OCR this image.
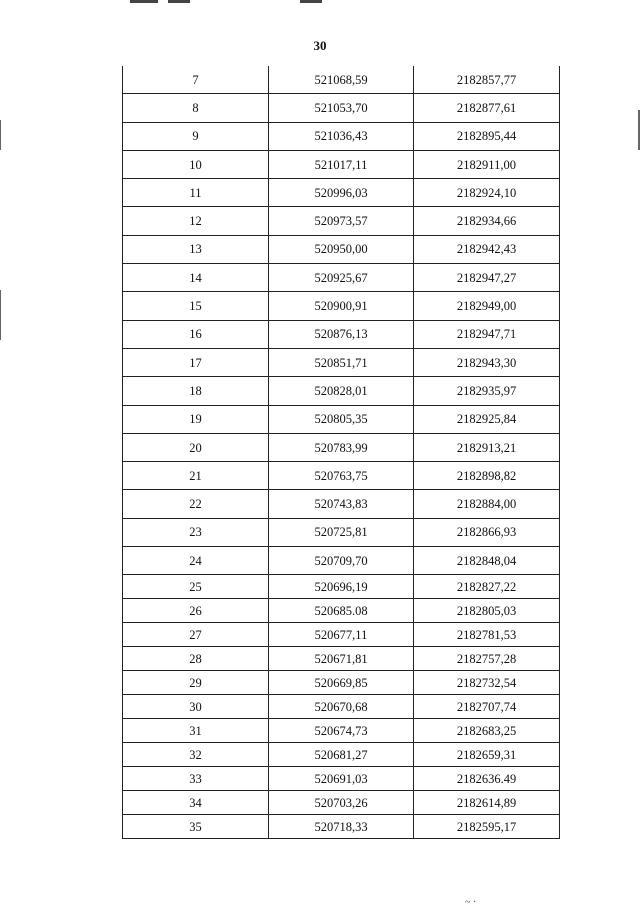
30
7	521068,59	2182857,77
8	521053,70	2182877,61
9	521036,43	2182895,44
10	521017,11	2182911,00
11	520996,03	2182924,10
12	520973,57	2182934,66
13	520950,00	2182942,43
14	520925,67	2182947,27
15	520900,91	2182949,00
16	520876,13	2182947,71
17	520851,71	2182943,30
18	520828,01	2182935,97
19	520805,35	2182925,84
20	520783,99	2182913,21
21	520763,75	2182898,82
22	520743,83	2182884,00
23	520725,81	2182866,93
24	520709,70	2182848,04
25	520696,19	2182827,22
26	520685.08	2182805,03
27	520677,11	2182781,53
28	520671,81	2182757,28
29	520669,85	2182732,54
30	520670,68	2182707,74
31	520674,73	2182683,25
32	520681,27	2182659,31
33	520691,03	2182636.49
34	520703,26	2182614,89
35	520718,33	2182595,17
~ ·
